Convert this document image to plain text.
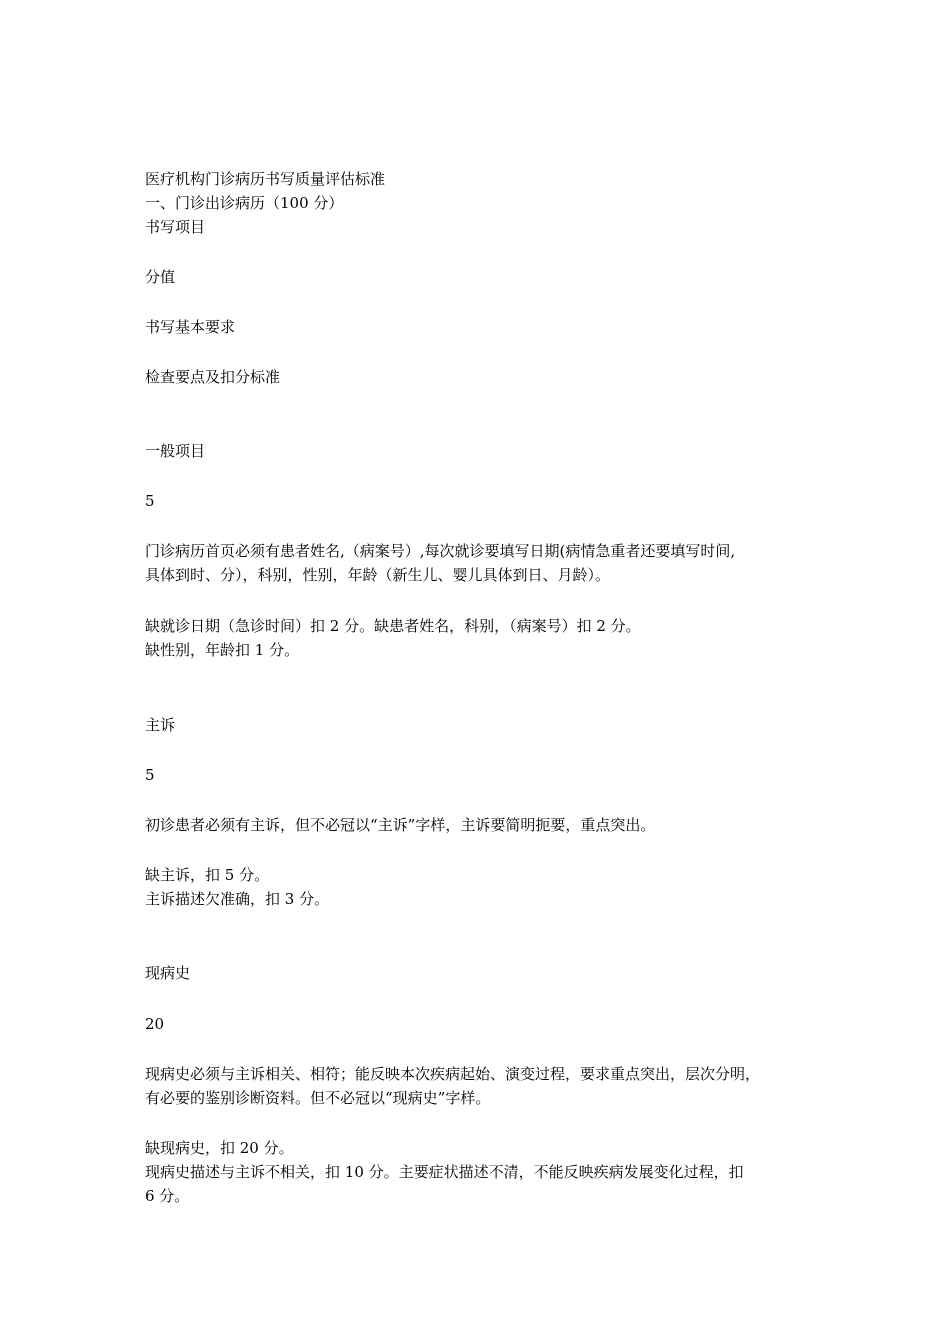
医疗机构门诊病历书写质量评估标准
一、门诊出诊病历（100 分）
书写项目
分值
书写基本要求
检查要点及扣分标准
一般项目
5
门诊病历首页必须有患者姓名,（病案号）,每次就诊要填写日期(病情急重者还要填写时间,
具体到时、分），科别，性别，年龄（新生儿、婴儿具体到日、月龄）。
缺就诊日期（急诊时间）扣 2 分。缺患者姓名，科别，（病案号）扣 2 分。
缺性别，年龄扣 1 分。
主诉
5
初诊患者必须有主诉，但不必冠以“主诉”字样，主诉要简明扼要，重点突出。
缺主诉，扣 5 分。
主诉描述欠准确，扣 3 分。
现病史
20
现病史必须与主诉相关、相符；能反映本次疾病起始、演变过程，要求重点突出，层次分明，
有必要的鉴别诊断资料。但不必冠以“现病史”字样。
缺现病史，扣 20 分。
现病史描述与主诉不相关，扣 10 分。主要症状描述不清，不能反映疾病发展变化过程，扣
6 分。
